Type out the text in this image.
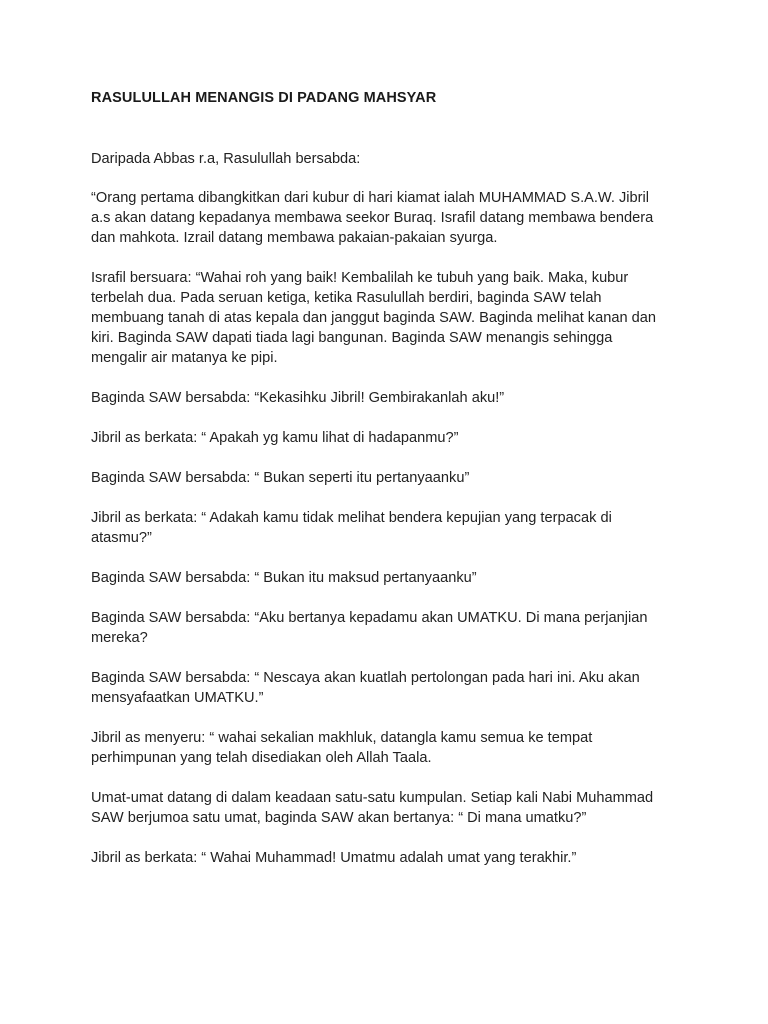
RASULULLAH MENANGIS DI PADANG MAHSYAR

Daripada Abbas r.a, Rasulullah bersabda:

“Orang pertama dibangkitkan dari kubur di hari kiamat ialah MUHAMMAD S.A.W. Jibril
a.s akan datang kepadanya membawa seekor Buraq. Israfil datang membawa bendera
dan mahkota. Izrail datang membawa pakaian-pakaian syurga.

Israfil bersuara: “Wahai roh yang baik! Kembalilah ke tubuh yang baik. Maka, kubur
terbelah dua. Pada seruan ketiga, ketika Rasulullah berdiri, baginda SAW telah
membuang tanah di atas kepala dan janggut baginda SAW. Baginda melihat kanan dan
kiri. Baginda SAW dapati tiada lagi bangunan. Baginda SAW menangis sehingga
mengalir air matanya ke pipi.

Baginda SAW bersabda: “Kekasihku Jibril! Gembirakanlah aku!”

Jibril as berkata: “ Apakah yg kamu lihat di hadapanmu?”

Baginda SAW bersabda: “ Bukan seperti itu pertanyaanku”

Jibril as berkata: “ Adakah kamu tidak melihat bendera kepujian yang terpacak di
atasmu?”

Baginda SAW bersabda: “ Bukan itu maksud pertanyaanku”

Baginda SAW bersabda: “Aku bertanya kepadamu akan UMATKU. Di mana perjanjian
mereka?

Baginda SAW bersabda: “ Nescaya akan kuatlah pertolongan pada hari ini. Aku akan
mensyafaatkan UMATKU.”

Jibril as menyeru: “ wahai sekalian makhluk, datangla kamu semua ke tempat
perhimpunan yang telah disediakan oleh Allah Taala.

Umat-umat datang di dalam keadaan satu-satu kumpulan. Setiap kali Nabi Muhammad
SAW berjumoa satu umat, baginda SAW akan bertanya: “ Di mana umatku?”

Jibril as berkata: “ Wahai Muhammad! Umatmu adalah umat yang terakhir.”
